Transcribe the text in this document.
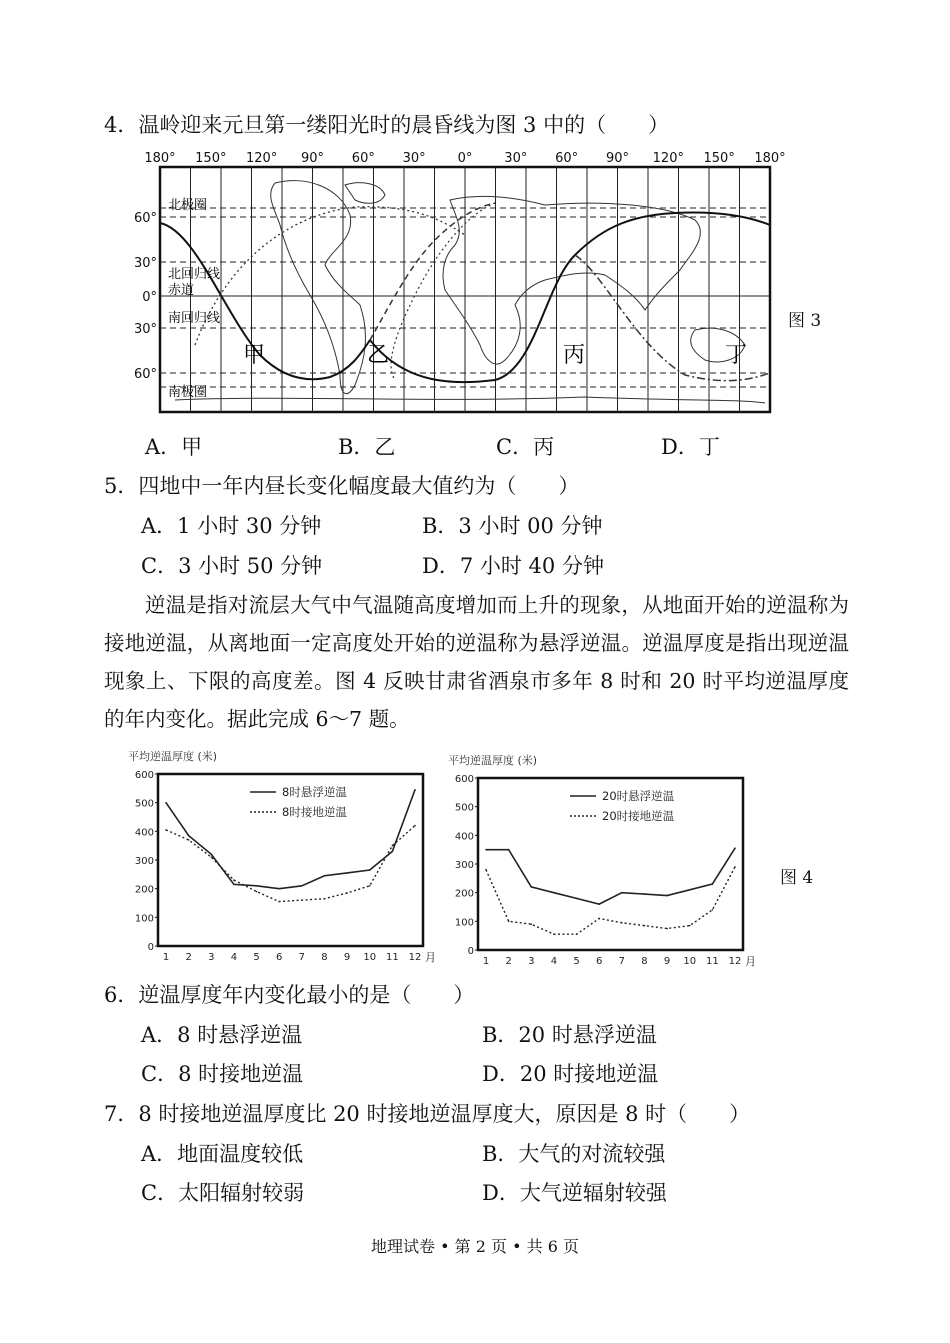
4．温岭迎来元旦第一缕阳光时的晨昏线为图 3 中的（　　）
180° 150° 120° 90° 60° 30° 0° 30° 60° 90° 120° 150° 180°
60°
30°
0°
30°
60°
北极圈
北回归线
赤道
南回归线
南极圈
甲	乙	丙	丁
图 3
A．甲	B．乙	C．丙	D．丁
5．四地中一年内昼长变化幅度最大值约为（　　）
A．1 小时 30 分钟	B．3 小时 00 分钟
C．3 小时 50 分钟	D．7 小时 40 分钟
逆温是指对流层大气中气温随高度增加而上升的现象，从地面开始的逆温称为接地逆温，从离地面一定高度处开始的逆温称为悬浮逆温。逆温厚度是指出现逆温现象上、下限的高度差。图 4 反映甘肃省酒泉市多年 8 时和 20 时平均逆温厚度的年内变化。据此完成 6～7 题。
平均逆温厚度 (米)
0
100
200
300
400
500
600
1 2 3 4 5 6 7 8 9 10 11 12 月
8时悬浮逆温
8时接地逆温
平均逆温厚度 (米)
0
100
200
300
400
500
600
1 2 3 4 5 6 7 8 9 10 11 12 月
20时悬浮逆温
20时接地逆温
图 4
6．逆温厚度年内变化最小的是（　　）
A．8 时悬浮逆温	B．20 时悬浮逆温
C．8 时接地逆温	D．20 时接地逆温
7．8 时接地逆温厚度比 20 时接地逆温厚度大，原因是 8 时（　　）
A．地面温度较低	B．大气的对流较强
C．太阳辐射较弱	D．大气逆辐射较强
地理试卷 • 第 2 页 • 共 6 页
